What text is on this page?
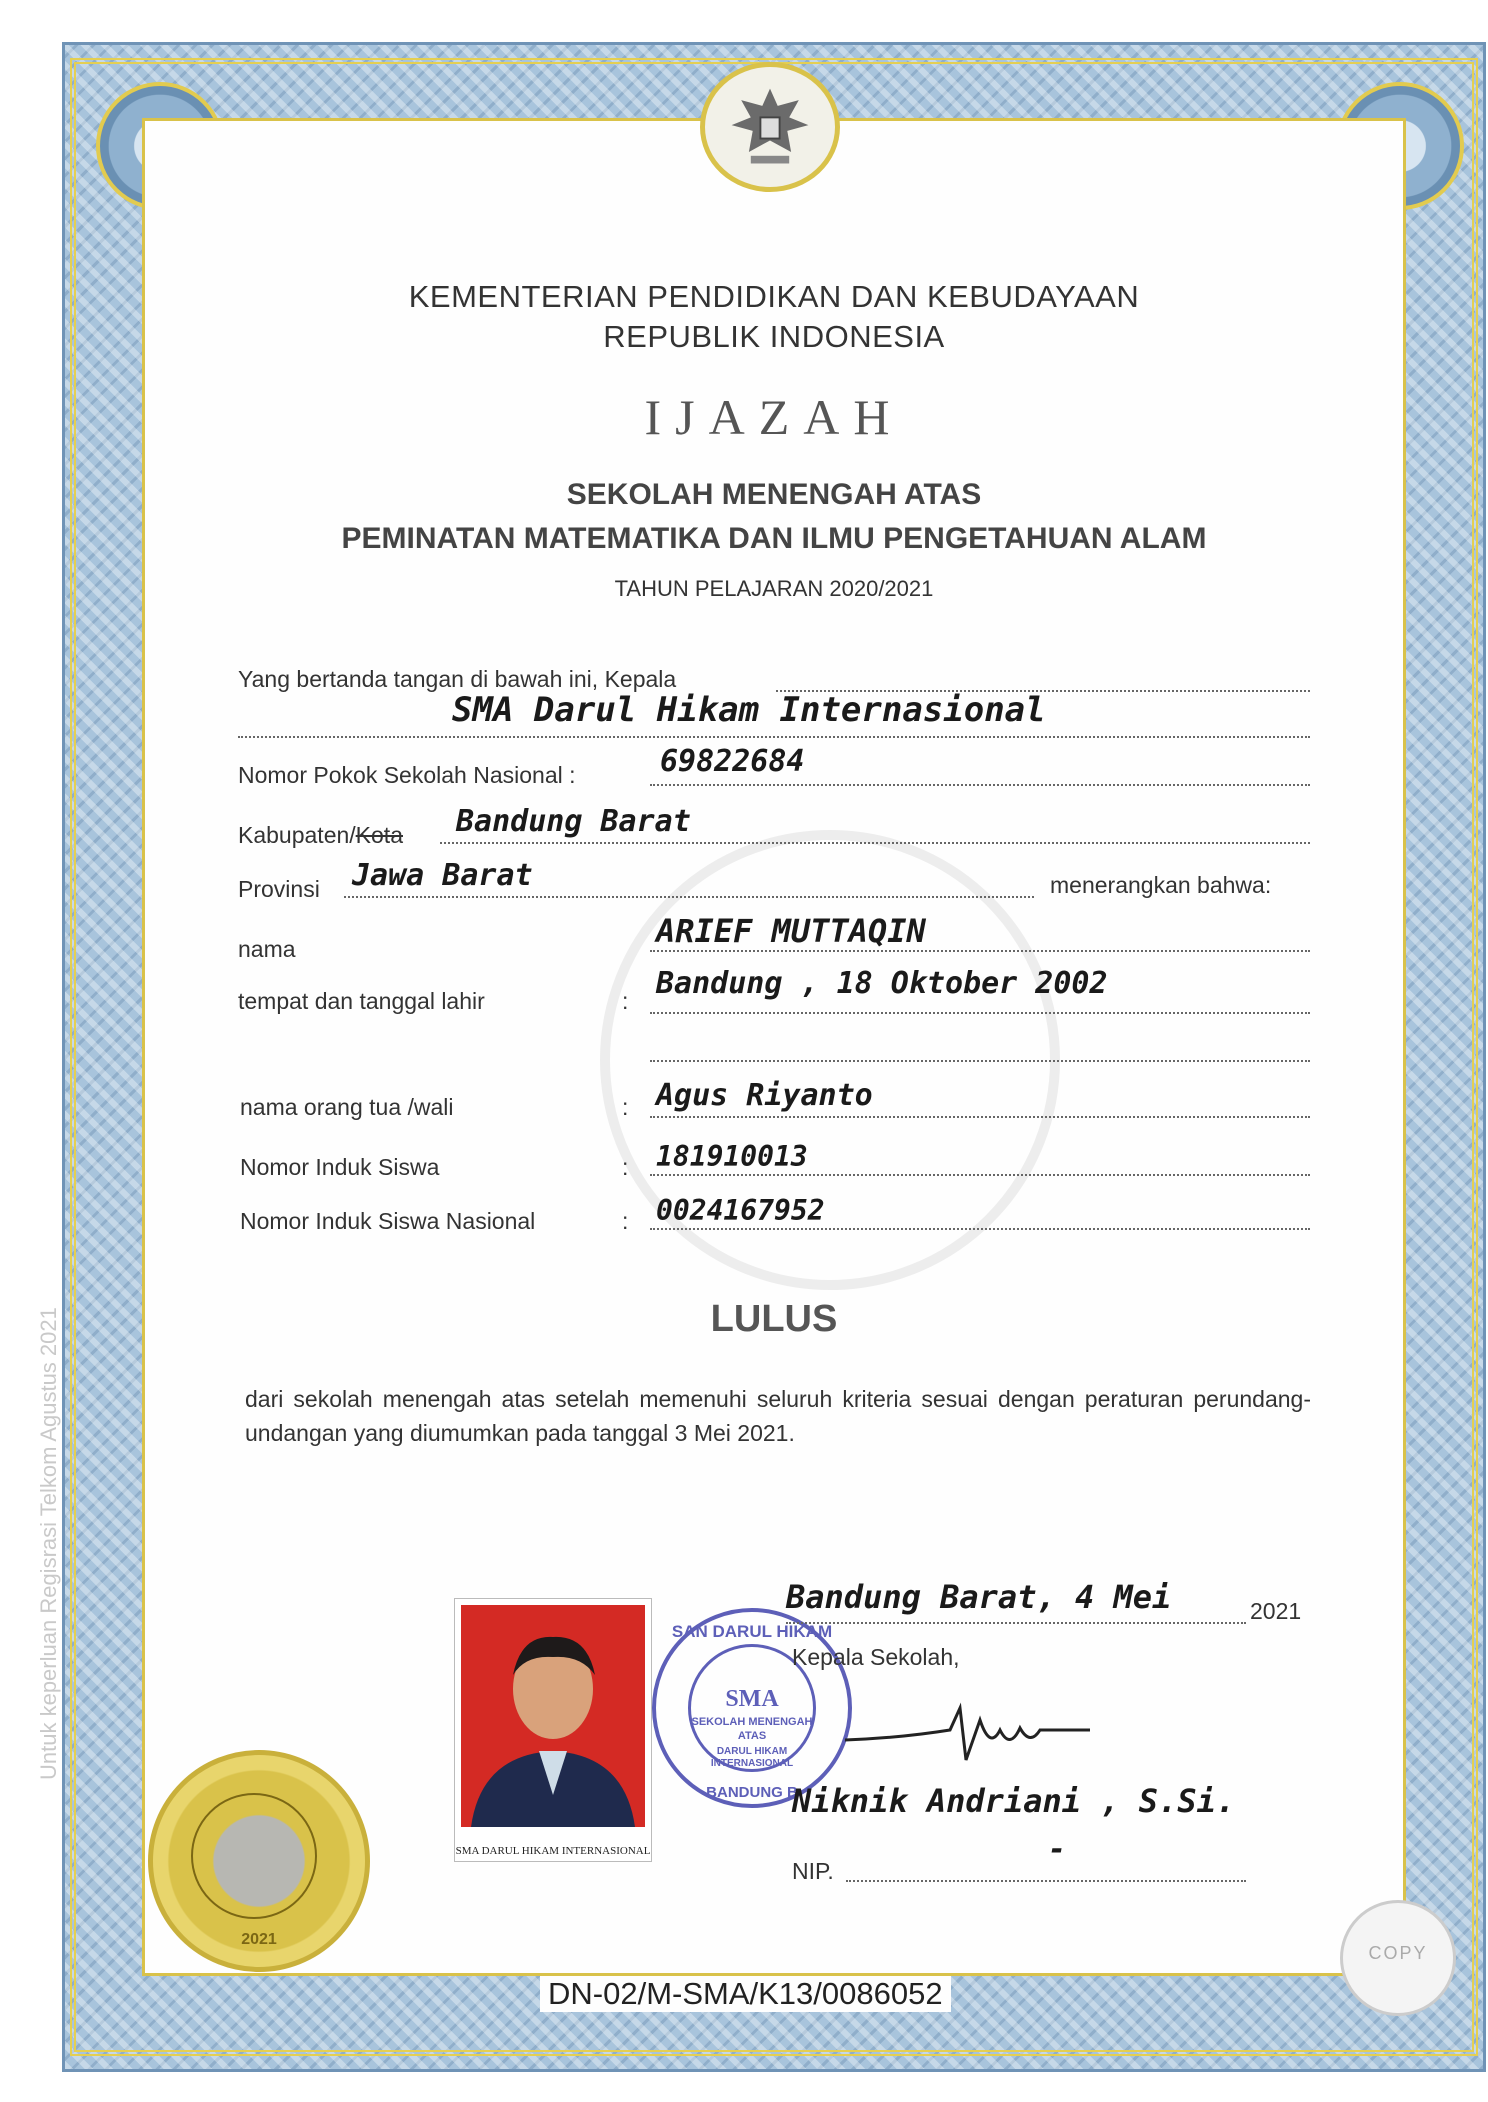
Untuk keperluan Regisrasi Telkom Agustus 2021
KEMENTERIAN PENDIDIKAN DAN KEBUDAYAAN
REPUBLIK INDONESIA
IJAZAH
SEKOLAH MENENGAH ATAS
PEMINATAN MATEMATIKA DAN ILMU PENGETAHUAN ALAM
TAHUN PELAJARAN 2020/2021
Yang bertanda tangan di bawah ini, Kepala
SMA Darul Hikam Internasional
Nomor Pokok Sekolah Nasional :	69822684
Kabupaten/Kota Bandung Barat
Provinsi Jawa Barat	menerangkan bahwa:
nama	ARIEF MUTTAQIN
tempat dan tanggal lahir	: Bandung , 18 Oktober 2002
nama orang tua /wali	: Agus Riyanto
Nomor Induk Siswa	: 181910013
Nomor Induk Siswa Nasional	: 0024167952
LULUS
dari sekolah menengah atas setelah memenuhi seluruh kriteria sesuai dengan peraturan perundang-undangan yang diumumkan pada tanggal 3 Mei 2021.
SMA DARUL HIKAM INTERNASIONAL
SAN DARUL HIKAM
SMA
SEKOLAH MENENGAH
ATAS
DARUL HIKAM
INTERNASIONAL
BANDUNG B
Bandung Barat, 4 Mei	2021
Kepala Sekolah,
Niknik Andriani , S.Si.
NIP.
-
2021
COPY
DN-02/M-SMA/K13/0086052
